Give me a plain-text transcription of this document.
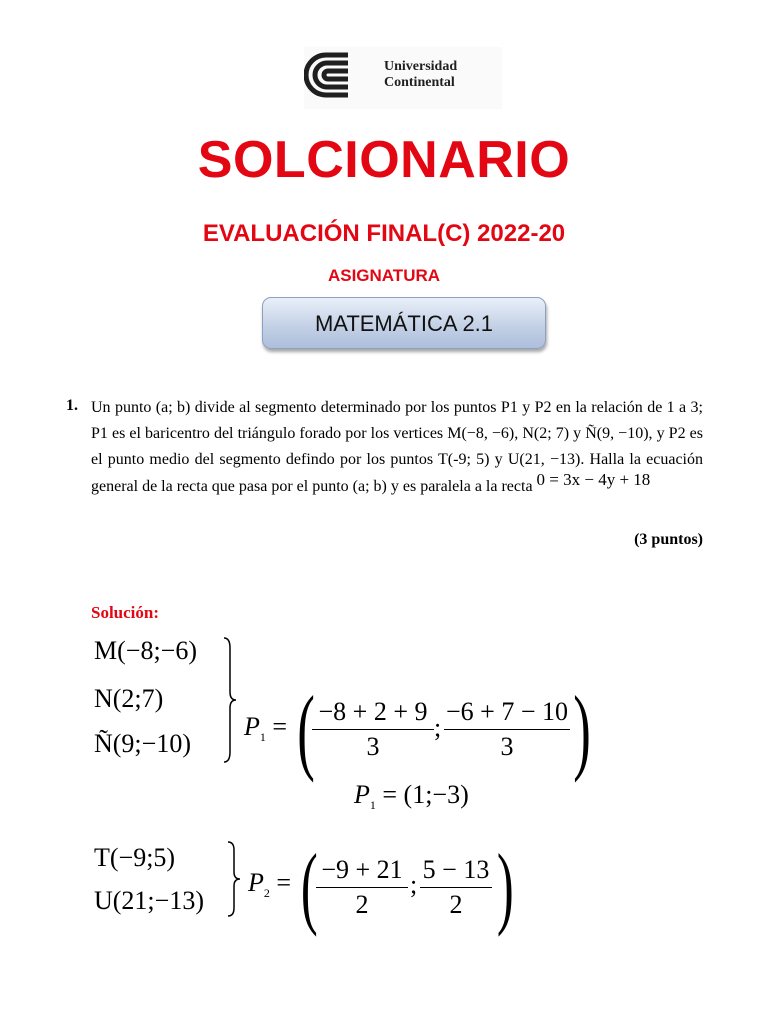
Universidad
Continental
SOLCIONARIO
EVALUACIÓN FINAL(C) 2022-20
ASIGNATURA
MATEMÁTICA 2.1
1. Un punto (a; b) divide al segmento determinado por los puntos P1 y P2 en la relación de 1 a 3; P1 es el baricentro del triángulo forado por los vertices M(−8, −6), N(2; 7) y Ñ(9, −10), y P2 es el punto medio del segmento defindo por los puntos T(-9; 5) y U(21, −13). Halla la ecuación general de la recta que pasa por el punto (a; b) y es paralela a la recta 0 = 3x − 4y + 18

(3 puntos)
Solución:
M(−8;−6)
N(2;7)
Ñ(9;−10)
$P_1$ = ( −8 + 2 + 9
3
;
−6 + 7 − 10
3 )
$P_1$ = (1;−3)
T(−9;5)
U(21;−13)
$P_2$ = ( −9 + 21
2
;
5 − 13
2 )
